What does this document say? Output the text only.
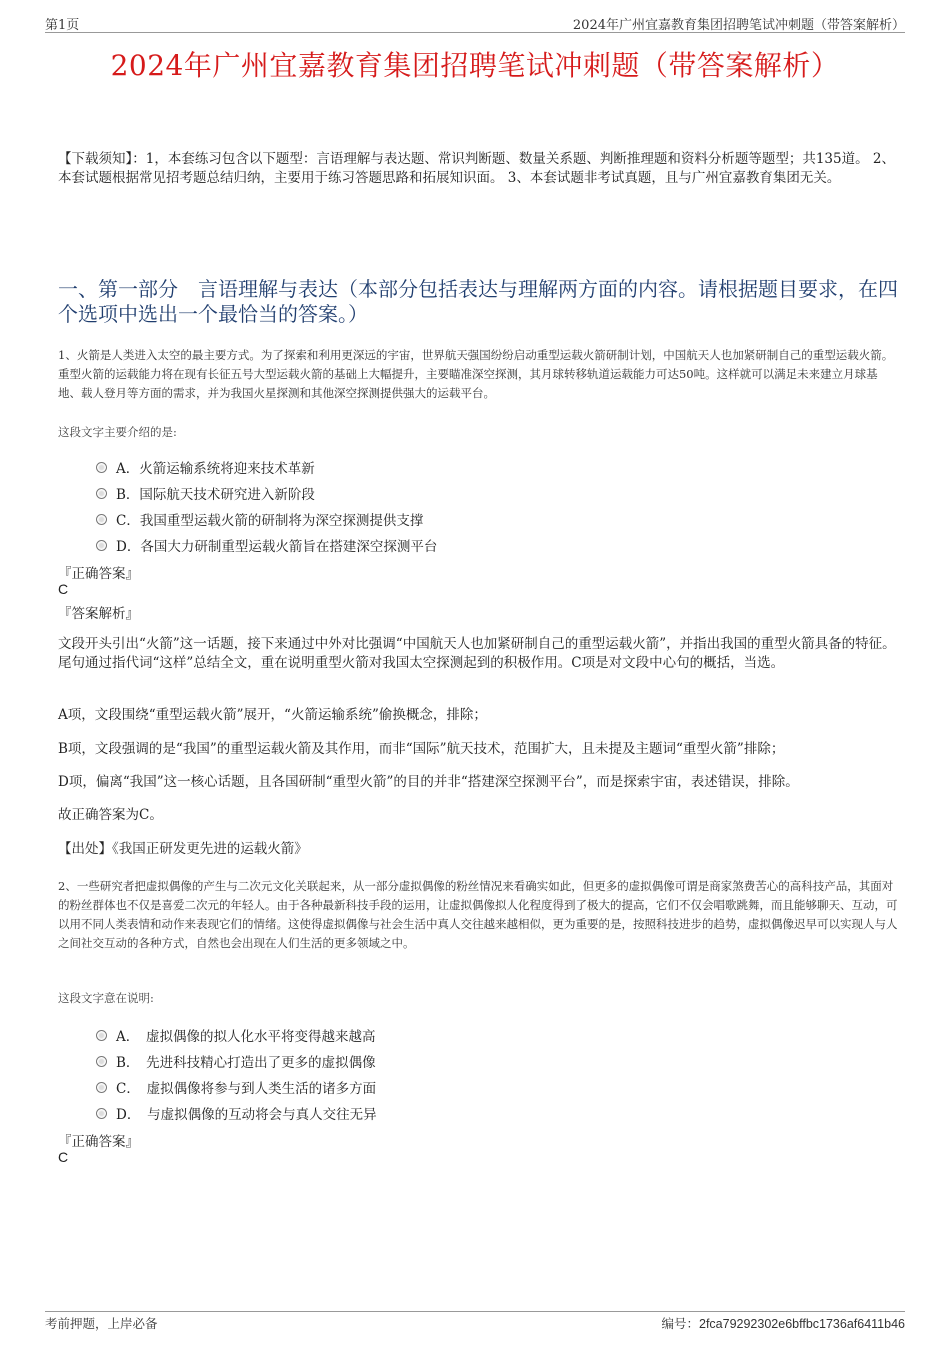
第1页	2024年广州宜嘉教育集团招聘笔试冲刺题（带答案解析）
2024年广州宜嘉教育集团招聘笔试冲刺题（带答案解析）
【下载须知】：1，本套练习包含以下题型：言语理解与表达题、常识判断题、数量关系题、判断推理题和资料分析题等题型；共135道。 2、本套试题根据常见招考题总结归纳，主要用于练习答题思路和拓展知识面。 3、本套试题非考试真题，且与广州宜嘉教育集团无关。
一、第一部分　言语理解与表达（本部分包括表达与理解两方面的内容。请根据题目要求，在四个选项中选出一个最恰当的答案。）
1、火箭是人类进入太空的最主要方式。为了探索和利用更深远的宇宙，世界航天强国纷纷启动重型运载火箭研制计划，中国航天人也加紧研制自己的重型运载火箭。重型火箭的运载能力将在现有长征五号大型运载火箭的基础上大幅提升，主要瞄准深空探测，其月球转移轨道运载能力可达50吨。这样就可以满足未来建立月球基地、载人登月等方面的需求，并为我国火星探测和其他深空探测提供强大的运载平台。
这段文字主要介绍的是:
A．火箭运输系统将迎来技术革新
B．国际航天技术研究进入新阶段
C．我国重型运载火箭的研制将为深空探测提供支撑
D．各国大力研制重型运载火箭旨在搭建深空探测平台
『正确答案』
C
『答案解析』
文段开头引出“火箭”这一话题，接下来通过中外对比强调“中国航天人也加紧研制自己的重型运载火箭”，并指出我国的重型火箭具备的特征。尾句通过指代词“这样”总结全文，重在说明重型火箭对我国太空探测起到的积极作用。C项是对文段中心句的概括，当选。
A项，文段围绕“重型运载火箭”展开，“火箭运输系统”偷换概念，排除；
B项，文段强调的是“我国”的重型运载火箭及其作用，而非“国际”航天技术，范围扩大，且未提及主题词“重型火箭”排除；
D项，偏离“我国”这一核心话题，且各国研制“重型火箭”的目的并非“搭建深空探测平台”，而是探索宇宙，表述错误，排除。
故正确答案为C。
【出处】《我国正研发更先进的运载火箭》
2、一些研究者把虚拟偶像的产生与二次元文化关联起来，从一部分虚拟偶像的粉丝情况来看确实如此，但更多的虚拟偶像可谓是商家煞费苦心的高科技产品，其面对的粉丝群体也不仅是喜爱二次元的年轻人。由于各种最新科技手段的运用，让虚拟偶像拟人化程度得到了极大的提高，它们不仅会唱歌跳舞，而且能够聊天、互动，可以用不同人类表情和动作来表现它们的情绪。这使得虚拟偶像与社会生活中真人交往越来越相似，更为重要的是，按照科技进步的趋势，虚拟偶像迟早可以实现人与人之间社交互动的各种方式，自然也会出现在人们生活的更多领域之中。
这段文字意在说明:
A．　虚拟偶像的拟人化水平将变得越来越高
B．　先进科技精心打造出了更多的虚拟偶像
C．　虚拟偶像将参与到人类生活的诸多方面
D．　与虚拟偶像的互动将会与真人交往无异
『正确答案』
C
考前押题，上岸必备	编号：2fca79292302e6bffbc1736af6411b46
